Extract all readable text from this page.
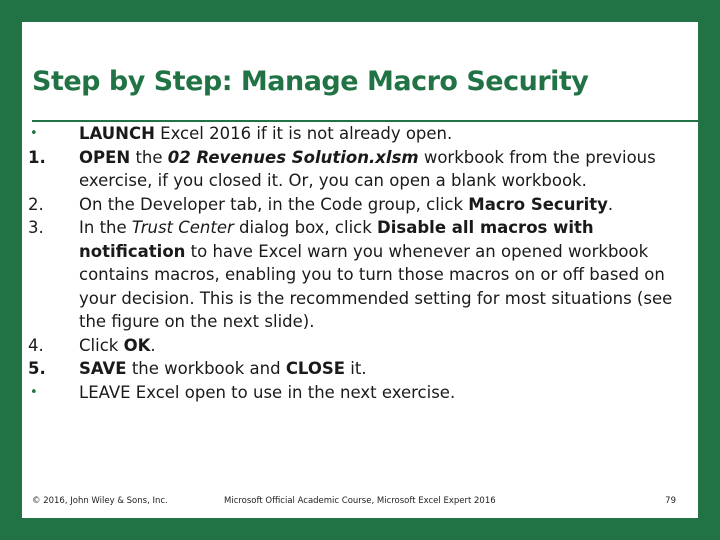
Step by Step: Manage Macro Security
•	LAUNCH Excel 2016 if it is not already open.
1.	OPEN the 02 Revenues Solution.xlsm workbook from the previous exercise, if you closed it. Or, you can open a blank workbook.
2.	On the Developer tab, in the Code group, click Macro Security.
3.	In the Trust Center dialog box, click Disable all macros with notification to have Excel warn you whenever an opened workbook contains macros, enabling you to turn those macros on or off based on your decision. This is the recommended setting for most situations (see the figure on the next slide).
4.	Click OK.
5.	SAVE the workbook and CLOSE it.
•	LEAVE Excel open to use in the next exercise.
© 2016, John Wiley & Sons, Inc.	Microsoft Official Academic Course, Microsoft Excel Expert 2016	79
